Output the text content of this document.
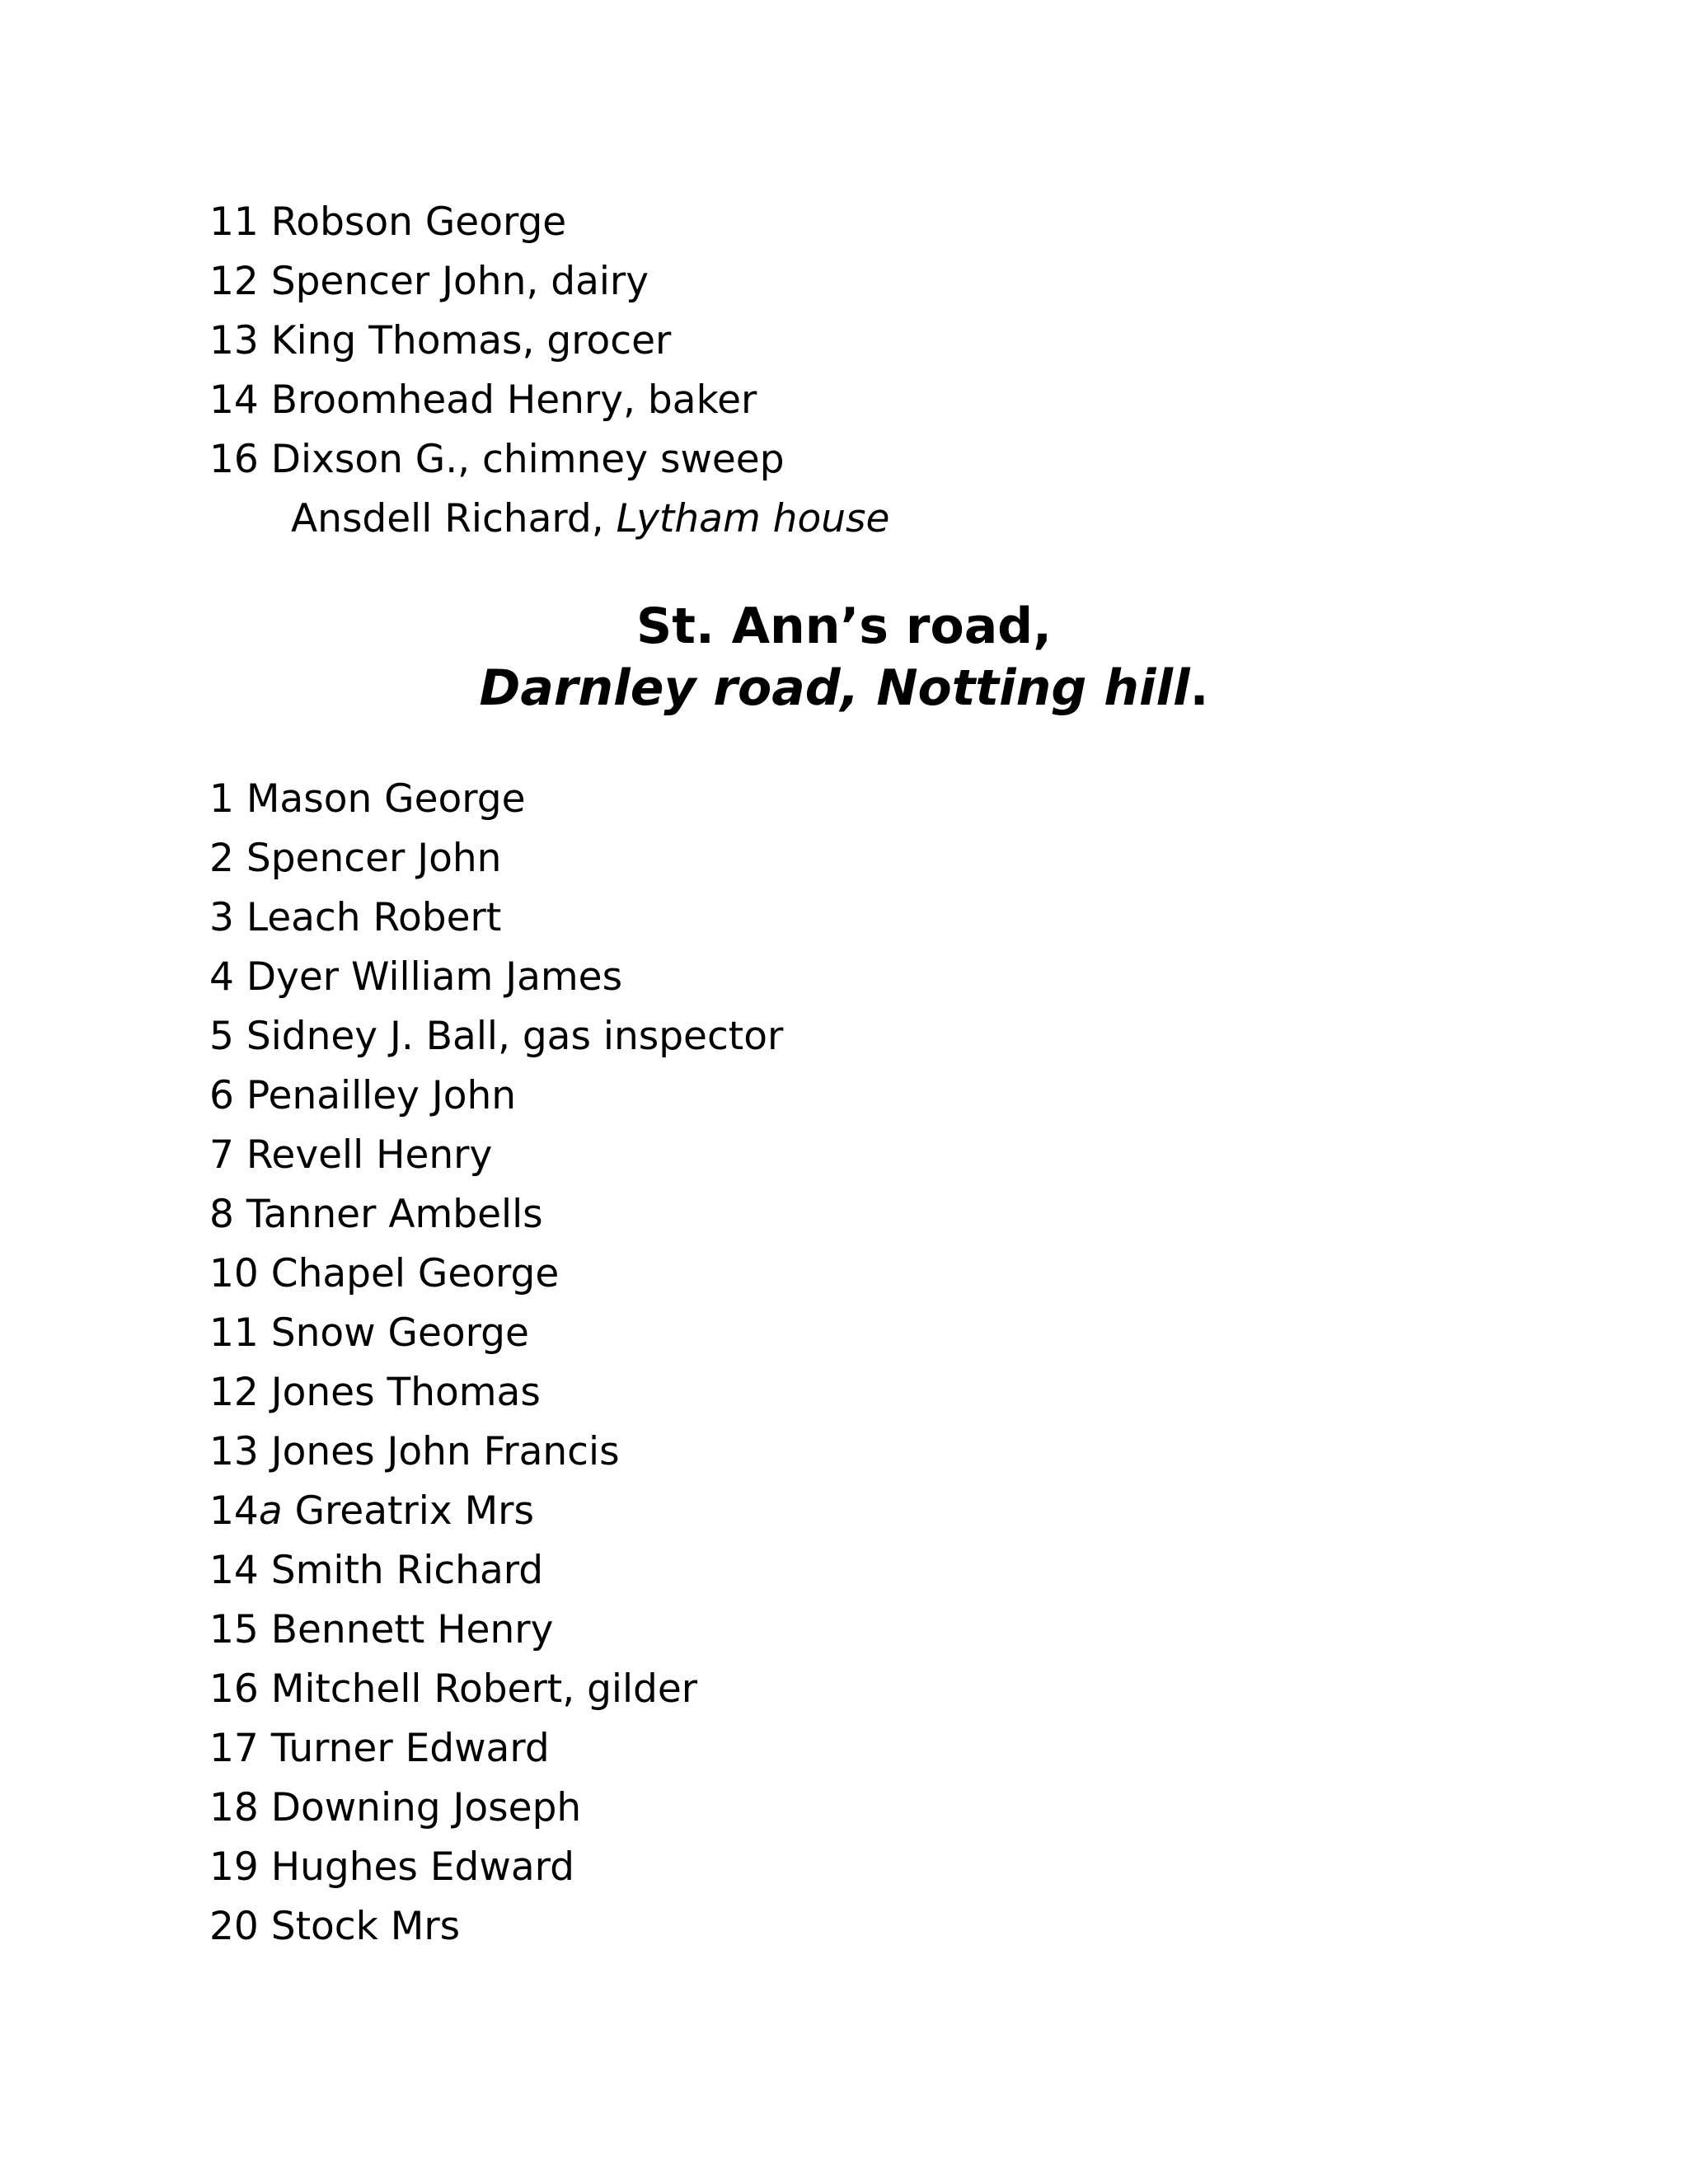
11 Robson George
12 Spencer John, dairy
13 King Thomas, grocer
14 Broomhead Henry, baker
16 Dixson G., chimney sweep
Ansdell Richard, Lytham house
St. Ann’s road,
Darnley road, Notting hill.
1 Mason George
2 Spencer John
3 Leach Robert
4 Dyer William James
5 Sidney J. Ball, gas inspector
6 Penailley John
7 Revell Henry
8 Tanner Ambells
10 Chapel George
11 Snow George
12 Jones Thomas
13 Jones John Francis
14a Greatrix Mrs
14 Smith Richard
15 Bennett Henry
16 Mitchell Robert, gilder
17 Turner Edward
18 Downing Joseph
19 Hughes Edward
20 Stock Mrs
